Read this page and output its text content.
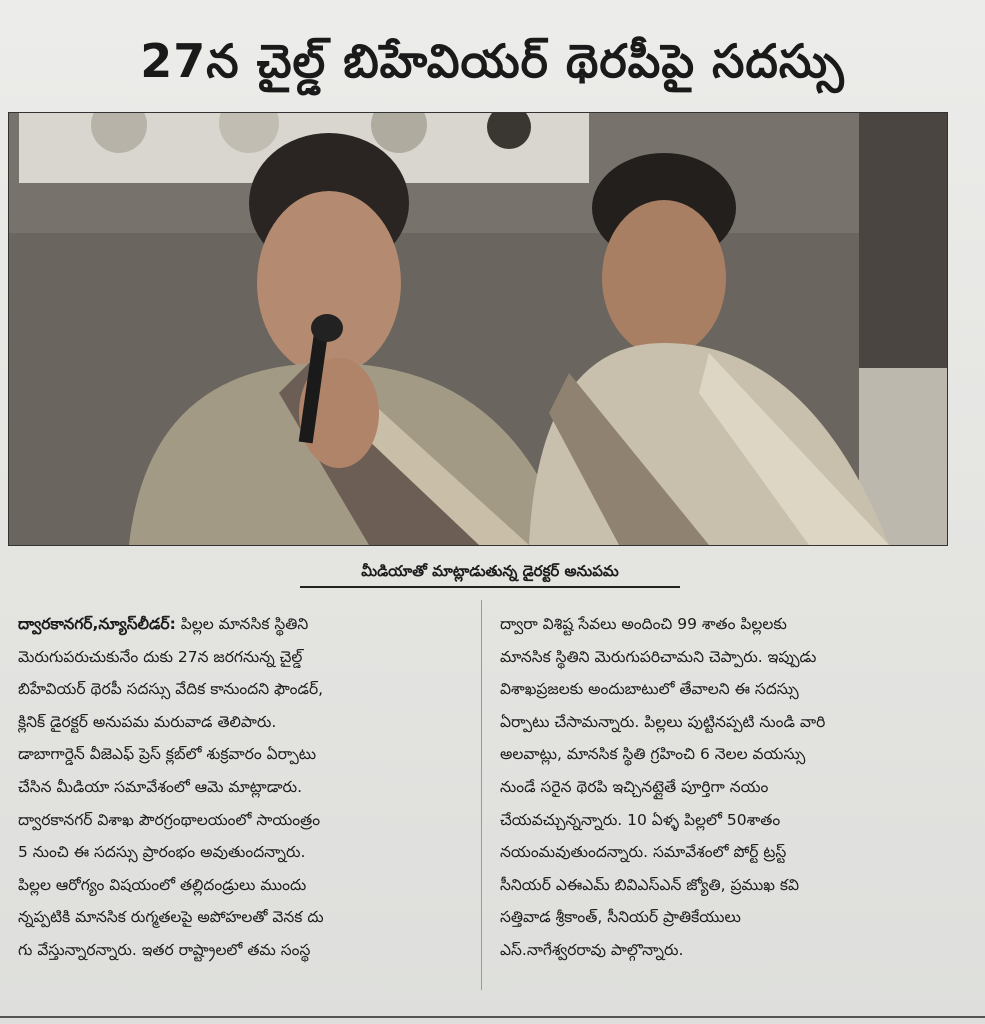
27న చైల్డ్ బిహేవియర్ థెరపీపై సదస్సు
మీడియాతో మాట్లాడుతున్న డైరక్టర్ అనుపమ
ద్వారకానగర్,న్యూస్‌లీడర్: పిల్లల మానసిక స్థితిని
మెరుగుపరుచుకునేం దుకు 27న జరగనున్న చైల్డ్
బిహేవియర్ థెరపీ సదస్సు వేదిక కానుందని ఫౌండర్,
క్లినిక్ డైరక్టర్ అనుపమ మరువాడ తెలిపారు.
డాబాగార్డెన్ వీజెఎఫ్ ప్రెస్ క్లబ్‌లో శుక్రవారం ఏర్పాటు
చేసిన మీడియా సమావేశంలో ఆమె మాట్లాడారు.
ద్వారకానగర్ విశాఖ పౌరగ్రంథాలయంలో సాయంత్రం
5 నుంచి ఈ సదస్సు ప్రారంభం అవుతుందన్నారు.
పిల్లల ఆరోగ్యం విషయంలో తల్లిదండ్రులు ముందు
న్నప్పటికి మానసిక రుగ్మతలపై అపోహలతో వెనక దు
గు వేస్తున్నారన్నారు. ఇతర రాష్ట్రాలలో తమ సంస్థ
ద్వారా విశిష్ట సేవలు అందించి 99 శాతం పిల్లలకు
మానసిక స్థితిని మెరుగుపరిచామని చెప్పారు. ఇప్పుడు
విశాఖప్రజలకు అందుబాటులో తేవాలని ఈ సదస్సు
ఏర్పాటు చేసామన్నారు. పిల్లలు పుట్టినప్పటి నుండి వారి
అలవాట్లు, మానసిక స్థితి గ్రహించి 6 నెలల వయస్సు
నుండే సరైన థెరపి ఇచ్చినట్లైతే పూర్తిగా నయం
చేయవచ్చున్నన్నారు. 10 ఏళ్ళ పిల్లలో 50శాతం
నయంమవుతుందన్నారు. సమావేశంలో పోర్ట్ ట్రస్ట్
సీనియర్ ఎఈఎమ్ బివిఎస్ఎన్ జ్యోతి, ప్రముఖ కవి
సత్తివాడ శ్రీకాంత్, సీనియర్ ప్రాతికేయులు
ఎస్.నాగేశ్వరరావు పాల్గొన్నారు.
